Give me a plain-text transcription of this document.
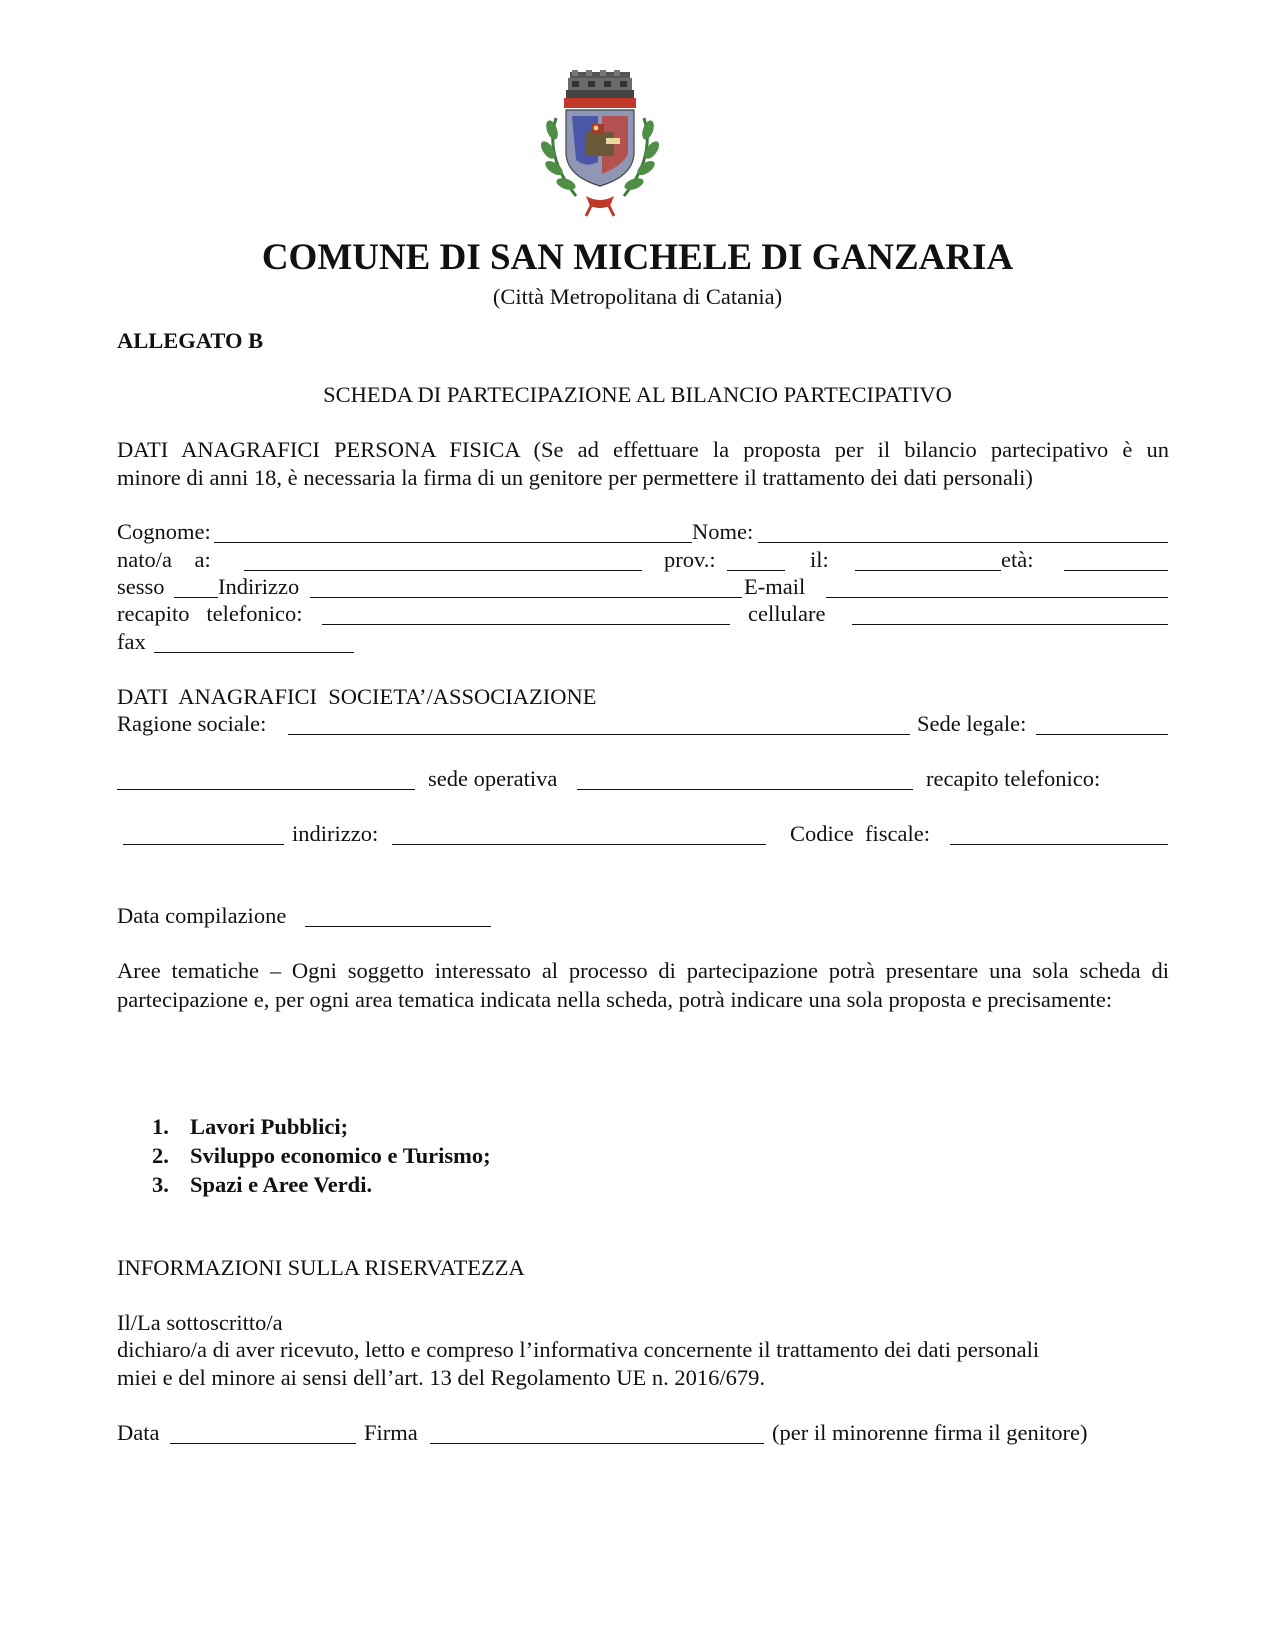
COMUNE DI SAN MICHELE DI GANZARIA
(Città Metropolitana di Catania)
ALLEGATO B
SCHEDA DI PARTECIPAZIONE AL BILANCIO PARTECIPATIVO
DATI ANAGRAFICI PERSONA FISICA (Se ad effettuare la proposta per il bilancio partecipativo è un
minore di anni 18, è necessaria la firma di un genitore per permettere il trattamento dei dati personali)
Cognome:	Nome:
nato/a    a:	prov.:	il:	età:
sesso Indirizzo	E-mail
recapito   telefonico:	cellulare
fax
DATI  ANAGRAFICI  SOCIETA’/ASSOCIAZIONE
Ragione sociale:	Sede legale:
sede operativa	recapito telefonico:
indirizzo:	Codice  fiscale:
Data compilazione
Aree tematiche – Ogni soggetto interessato al processo di partecipazione potrà presentare una sola scheda di partecipazione e, per ogni area tematica indicata nella scheda, potrà indicare una sola proposta e precisamente:
1. Lavori Pubblici;
2. Sviluppo economico e Turismo;
3. Spazi e Aree Verdi.
INFORMAZIONI SULLA RISERVATEZZA
Il/La sottoscritto/a
dichiaro/a di aver ricevuto, letto e compreso l’informativa concernente il trattamento dei dati personali
miei e del minore ai sensi dell’art. 13 del Regolamento UE n. 2016/679.
Data	Firma	(per il minorenne firma il genitore)
